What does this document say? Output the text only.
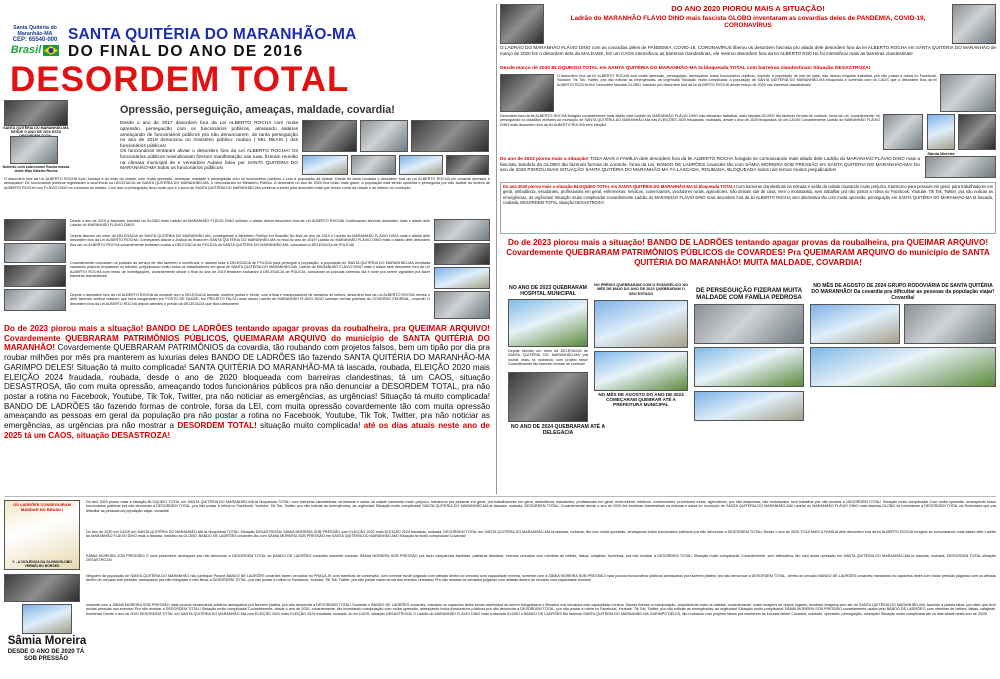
Santa Quitéria do Maranhão-MA
CEP: 65540-000
Brasil
SANTA QUITÉRIA DO MARANHÃO-MA
DO FINAL DO ANO DE 2016
DESORDEM TOTAL
SANTA QUITÉRIA DO MARANHÃO-MA DESDE O ANO DE 2016 ESTA
Noberto com sobrenome Rocha massa dowe Wan Alberto Rocha
Opressão, perseguição, ameaças, maldade, covardia!
Desde o ano de 2017 desordem fora da Lei ALBERTO ROCHA com muita opressão, perseguição com os funcionários públicos, atrasando salários ameaçando de funcionários públicos pra não denunciarem, de tanta perseguição no ano de 2019 denunciou no ministério público: roubou ( MIL REAIS ) dos funcionários públicos!
Os funcionários tentaram aliviar o desordem fora da Lei ALBERTO ROCHA! Os funcionários públicos reivindicaram fizeram manifestação nas ruas, fizeram reunião na câmara municipal de e vereadora Aulane falou por SANTA QUITÉRIA DO MARANHÃO-MA todos os funcionários públicos!
O desordem fora da Lei ALBERTO ROCHA tudo, fumaça e do lixão da cidade, com muita opressão, ameaças, maldade e perseguição com os funcionários públicos e com a população da cidade. Diante de tanta covardia o desordem fora da Lei ALBERTO ROCHA um covarde opressor e ameaçador! De funcionários públicos registraram a ocorrência na DELEGACIA de SANTA QUITÉRIA DO MARANHÃO-MA, e denunciaram no Ministério Público. A desordem no ano de 2020 fica muito mais grave, a população está sendo oprimida e perseguida por não aceitar as ordens de ALBERTO ROCHA com FLÁVIO DINO no comando do estado. Com isso a perseguição ficou muito pior e o povo de SANTA QUITÉRIA DO MARANHÃO-MA continua a sofrer pela desordem total que tomou conta da cidade e do interior do município.
Desde o ano de 2019 a fascistas, bandido da GLOBO mais Ladrão do MARANHÃO FLÁVIO DINO subiram o aliado deixar desordem fora da Lei ALBERTO ROCHA! Continuaram fazendo desordem mais o aliado dele Ladrão do MARANHÃO FLÁVIO DINO!
Depois fizeram um meio da DELEGACIA de SANTA QUITÉRIA DO MARANHÃO-MA, conseguiram a Ministério Público em Brasília! No final do ano de 2019 o Ladrão do MARANHÃO FLÁVIO DINO mais o aliado dele desordem fora da Lei ALBERTO ROCHA! Começaram atacar a Justiça do Brasil em SANTA QUITÉRIA DO MARANHÃO-MA no final do ano de 2019! Ladrão do MARANHÃO FLÁVIO DINO mais o aliado dele desordem fora da Lei ALBERTO ROCHA covardemente tentaram roubar a DELEGACIA de POLÍCIA da SANTA QUITÉRIA DO MARANHÃO-MA, colocaram a DELEGACIA de POLÍCIA!
Covardemente colocaram os policiais ao serviço de não fazerem a ocorrência, e usaram toda a DELEGACIA de POLÍCIA para perseguir a população, a população de SANTA QUITÉRIA DO MARANHÃO-MA revoltada causando prejuízo irreparável no trânsito, prejudicando muito todos os trabalhadores em geral de SANTA QUITÉRIA DO MARANHÃO-MA. Ladrão do MARANHÃO FLÁVIO DINO mais o aliado dele desordem fora da Lei ALBERTO ROCHA com medo de investigações, covardemente desde o final do ano de 2019 tentaram roubaram a DELEGACIA de POLÍCIA, colocaram os policiais sofrendo dia e noite pra serem vigilantes pra fazer barreiras clandestinas!
Depois o desordem fora da Lei ALBERTO ROCHA de covarde com a DELEGACIA lacrada, mantive portas e frente, com a lista e manipuladores de armários de belbes, desordem fora da Lei ALBERTO ROCHA mentiu o abrir fazendo verifica votarem que laica naugaravam em POSTO DE SAÚDE, fez PROJETO FALSO mais aliado Ladrão do MARANHÃO FLÁVIO DINO subiram verbas públicas do GOVERNO FEDERAL, covarde! O desordem fora da Lei ALBERTO ROCHA depois atendeu o prédio da DELEGACIA que ficou desordem!
Do de 2023 piorou mais a situação! BANDO DE LADRÕES tentando apagar provas da roubalheira, pra QUEIMAR ARQUIVO! Covardemente QUEBRARAM PATRIMÔNIOS PÚBLICOS, QUEIMARAM ARQUIVO do município de SANTA QUITÉRIA DO MARANHÃO! Covardemente QUEBRARAM PATRIMÔNIOS da covardia, tão roubando com projetos falsos, bem um tipão por dia pra roubar milhões por mês pra manterem as luxurias deles BANDO DE LADRÕES tão fazendo SANTA QUITÉRIA DO MARANHÃO-MA GARIMPO DELES! Situação tá muito complicada! SANTA QUITÉRIA DO MARANHÃO-MA tá lascada, roubada, ELEIÇÃO 2020 mais ELEIÇÃO 2024 fraudada, roubada, desde o ano de 2020 bloqueada com barreiras clandestinas, tá um CAOS, situação DESASTROSA, tão com muita opressão, ameaçando todos funcionários públicos pra não denunciar a DESORDEM TOTAL, pra não postar a rotina no Facebook, Youtube, Tik Tok, Twitter, pra não noticiar as emergências, as urgências! Situação tá muito complicada! BANDO DE LADRÕES tão fazendo formas de controle, forsa da LEI, com muita opressão covardemente tão com muita opressão ameaçando as pessoas em geral da população pra não postar a rotina no Facebook, Youtube, Tik Tok, Twitter, pra não noticiar as emergências, as urgências pra não mostrar a DESORDEM TOTAL! situação muito complicada! até os dias atuais neste ano de 2025 tá um CAOS, situação DESASTROZA!
DO ANO 2020 PIOROU MAIS A SITUAÇÃO!
Ladrão do MARANHÃO FLÁVIO DINO mais fascista GLOBO inventaram as covardias deles de PANDEMIA, COVID-19, CORONAVÍRUS
O LADRÃO DO MARANHÃO FLÁVIO DINO com as covardias deles de PANDEMIA, COVID-19, CORONAVÍRUS liberou os desordem fascista pro aliado dele desordem fora da lei ALBERTO ROCHA em SANTA QUITÉRIA DO MARANHÃO de março de 2020 fez o desordem dela da MALDADE, fez um CAOS intensificou as barreiras clandestinas, ele mesmo desordem fora da lei ALBERTO ROCHA foi intensificar mais as barreiras clandestinas!
Desde março de 2020 BLOQUEIOU TOTAL em SANTA QUITÉRIA DO MARANHÃO-MA tá bloqueada TOTAL com barreiras clandestinas! Situação DESASTROZA!
O desordem fora da lei ALBERTO ROCHA com muita opressão, perseguição, ameaçando todos funcionários públicos, impediu a população de sair de casa, não deixou ninguém trabalhar, pra não postar a rotina no Facebook, Youtube, Tik Tok, Twitter, pra não noticiar as emergências, as urgências! Situação muito complicada. A população de SANTA QUITÉRIA DO MARANHÃO-MA bloqueada e sofrendo com os CAOS que o desordem fora da lei ALBERTO ROCHA fez! Desordem fascista GLOBO, bandido pro desordem fora da lei ALBERTO ROCHA desde março de 2020 nas barreiras clandestinas!
Desordem fora da lei ALBERTO ROCHA foragido covardemente mais aliado dele Ladrão do MARANHÃO FLÁVIO DINO não deixaram trabalhar, mais fascista GLOBO tão fazendo formas de controle, forsa da Lei, covardemente: foi perseguindo os cidadãos eleitores do município de SANTA QUITÉRIA DO MARANHÃO-MA nas ELEIÇÕES 2020 fraudadas, roubadas, desde o ano de 2020 bloqueada, tá um CAOS! Covardemente Ladrão do MARANHÃO FLÁVIO DINO mais desordem fora da lei ALBERTO ROCHA sem eleição!
Sâmia Moreira
Do ano de 2023 piorou mais a situação! TOZA MAIS A FAMÍLIA dele desordem fora da lei ALBERTO ROCHA foragido se comunicando mais aliado dele Ladrão do MARANHÃO FLÁVIO DINO mais a fascista, bandido da GLOBO tão fazendo formas de controle, forsa da Lei, BANDO DE LADRÕES covardes tão com SÂMIA MOREIRA SOB PRESSÃO em SANTA QUITÉRIA DO MARANHÃO-MA! Do ano de 2020 PIOROU MAIS SITUAÇÃO SANTA QUITÉRIA DO MARANHÃO-MA TÁ LASCADA, ROUBADA, BLOQUEADA todos nós temos muitos prejudicados!
Do ano 2020 piorou mais a situação BLOQUEIO TOTAL em SANTA QUITÉRIA DO MARANHÃO-MA tá bloqueada TOTAL! Com barreiras clandestinas na entrada e saída da cidade causando muito prejuízo, transtorno para pessoas em geral, para trabalhadores em geral, ambulância, estudantes, profissionais em geral, enfermeiras, médicos, comerciantes, produtores rurais, agricultores, não deixam sair de casa, nem o mototaxista, sem trabalhar pra não postar a rotina no Facebook, Youtube, Tik Tok, Twitter, pra não noticiar as emergências, as urgências! Situação muito complicada! Covardemente Ladrão do MARANHÃO FLÁVIO DINO mais desordem fora da lei ALBERTO ROCHA sem alternativa tão com muita opressão, perseguição em SANTA QUITÉRIA DO MARANHÃO-MA tá lascada, roubada, DESORDEM TOTAL situação DESASTROZA!
Do de 2023 piorou mais a situação! BANDO DE LADRÕES tentando apagar provas da roubalheira, pra QUEIMAR ARQUIVO! Covardemente QUEBRARAM PATRIMÔNIOS PÚBLICOS de COVARDES! Pra QUEIMARAM ARQUIVO do município de SANTA QUITÉRIA DO MARANHÃO! MUITA MALDADE, COVARDIA!
NO ANO DE 2023 QUEBRARAM HOSPITAL MUNICIPAL
Depois fizeram um meio da DELEGACIA de SANTA QUITÉRIA DO MARANHÃO-MA pra roubar mais, tá roubando com projeto falso! Covardemente tão fazendo formas de controle!
NO PRÉDIO QUEBRARAM COM O EVANGÉLICO NO MÊS DE MAIO DO ANO DE 2023 QUEBRARAM O SEU ESTADO
NO MÊS DE AGOSTO DO ANO DE 2024 COMEÇARAM QUEBRAR ATÉ A PREFEITURA MUNICIPAL
DE PERSEGUIÇÃO FIZERAM MUITA MALDADE COM FAMÍLIA PEDROSA
NO MÊS DE AGOSTO DE 2024 GRUPO RODOVIÁRIA DE SANTA QUITÉRIA DO MARANHÃO! Da covardia pra dificultar as pessoas da população viajar! Covardia!
NO ANO DE 2024 QUEBRARAM ATÉ A DELEGACIA
OS LADRÕES CONSEGUIRAM MANDAR NO BRASIL!
Y. - A VIOLÊNCIA DA GLOBO/GLOBO VERMELHO BORGES
Do ano 2020 piorou mais a situação BLOQUEIO TOTAL em SANTA QUITÉRIA DO MARANHÃO-MA tá bloqueada TOTAL! com barreiras clandestinas na entrada e saída da cidade causando muito prejuízo, transtorno pra pessoas em geral, pra trabalhadores em geral, ambulância, estudantes, profissionais em geral, enfermeiras, médicos, comerciantes, produtores rurais, agricultores, pra não estacionar, não mototaxista, sem trabalhar pra não mostrar a DESORDEM TOTAL! Situação muito complicada! Com muita opressão, ameaçando todos funcionários públicos pra não denunciar a DESORDEM TOTAL, pra não postar a rotina no Facebook, Youtube, Tik Tok, Twitter, pra não noticiar as emergências, as urgências! Situação muito complicada! SANTA QUITÉRIA DO MARANHÃO-MA tá lascada, roubada, DESORDEM TOTAL! Covardemente desde o ano de 2020 fez barreiras clandestinas na entrada e saída do município de SANTA QUITÉRIA DO MARANHÃO-MA! Ladrão do MARANHÃO FLÁVIO DINO mais fascista GLOBO foi inventaram a DESORDEM TOTAL na Rodoviária que pra dificultar as pessoas da população viajar, covardia!
Do ano de 2020 em CAOS em SANTA QUITÉRIA DO MARANHÃO-MA tá bloqueada TOTAL! Situação DESASTROSA! SÂMIA MOREIRA SOB PRESSÃO com ELEIÇÃO 2020 mais ELEIÇÃO 2024 fraudada, roubada, DESORDEM TOTAL em SANTA QUITÉRIA DO MARANHÃO-MA tá lascada, roubada, tão com muita opressão, ameaçando todos funcionários públicos pra não denunciar a DESORDEM TOTAL! Desde o ano de 2020 TOZA MAIS A FAMÍLIA dele desordem fora da lei ALBERTO ROCHA foragido se comunicando mais aliado dele Ladrão do MARANHÃO FLÁVIO DINO mais a fascista, bandido da GLOBO, BANDO DE LADRÕES covardes tão com SÂMIA MOREIRA SOB PRESSÃO em SANTA QUITÉRIA DO MARANHÃO-MA! Situação tá muito complicada! Covardia!
SÂMIA MOREIRA SOB PRESSÃO! É uma prisioneira, ameaçada pra não denunciar a DESORDEM TOTAL do BANDO DE LADRÕES covardes somente colocam SÂMIA MOREIRA SOB PRESSÃO pra fazer campanhas fascistas, palestras fascistas, eventos cercados com mentiras de belbes, falsas, cafajeste, burrinhas, pra não mostrar a DESORDEM TOTAL! Situação muito complicada! Covardemente, sem alternativa, tão com muita opressão em SANTA QUITÉRIA DO MARANHÃO-MA tá lascada, roubada, DESORDEM TOTAL situação DESASTROZA!
Sâmia Moreira
DESDE O ANO DE 2020 TÁ SOB PRESSÃO
Ninguém da população de SANTA QUITÉRIA DO MARANHÃO não participa! Porque BANDO DE LADRÕES covardes fazem cercados no PRAÇA JK com barreiras de contenção, com controle fuzuê julgando com artistas dentro do cercado com capacidade mínima, somente com a SÂMIA MOREIRA SOB PRESSÃO mais poucos funcionários públicos ameaçados pra fazerem plateia, pra não denunciar a DESORDEM TOTAL, dentro do cercado BANDO DE LADRÕES covardes mandando os capachos deles com maior pressão julgando com os artistas dentro do cercado sob pressão, ameaçados pra não fotografar e não filmar a DESORDEM TOTAL, pra não postar a rotina no Facebook, Youtube, Tik Tok, Twitter, pra não postar nada na rua dos eventos cercados! Pra não mostrar os cercados julgando com artistas dentro do cercado com capacidade mínima!
somente com a SÂMIA MOREIRA SOB PRESSÃO mais poucos funcionários públicos ameaçados pra fazerem plateia, pra não denunciar a DESORDEM TOTAL! Somente o BANDO DE LADRÕES covardes, mandam os capachos deles sendo reprimidos ao serem fotografados e filmados nos cercados com capacidade mínima. Depois fizeram a manipulação, prejudicando mais os artistas, covardemente, usam imagens de outros lugares, mostram imagens sem ser de SANTA QUITÉRIA DO MARANHÃO-MA, fazendo a plateia falsa, pra dizer que teve muitas pessoas nos eventos! Pra não mostrar a DESORDEM TOTAL! Situação muito complicada! Covardemente, desde o ano de 2020, covardemente, tão inventando manipulação com muita opressão, ameaçando todos funcionários públicos pra não denunciar a DESORDEM TOTAL, pra não postar a rotina no Facebook, Youtube, Tik Tok, Twitter, pra não noticiar as emergências, as urgências! Situação muito complicada! SÂMIA MOREIRA SOB PRESSÃO covardemente usada pelo BANDO DE LADRÕES, com mentiras de belbes, falsas, cafajeste, burrinhas! Desde o ano de 2020 DESORDEM TOTAL em SANTA QUITÉRIA DO MARANHÃO-MA com ELEIÇÃO 2020 mais ELEIÇÃO 2024 fraudada, roubada, tá um CAOS, situação DESASTROZA! O Ladrão do MARANHÃO FLÁVIO DINO mais a fascista GLOBO e BANDO DE LADRÕES tão fazendo SANTA QUITÉRIA DO MARANHÃO-MA GARIMPO DELES, tão roubando com projetos falsos pra manterem as luxurias deles! Covardia, maldade, opressão, perseguição, ameaças! Situação muito complicada até os dias atuais neste ano de 2025!
